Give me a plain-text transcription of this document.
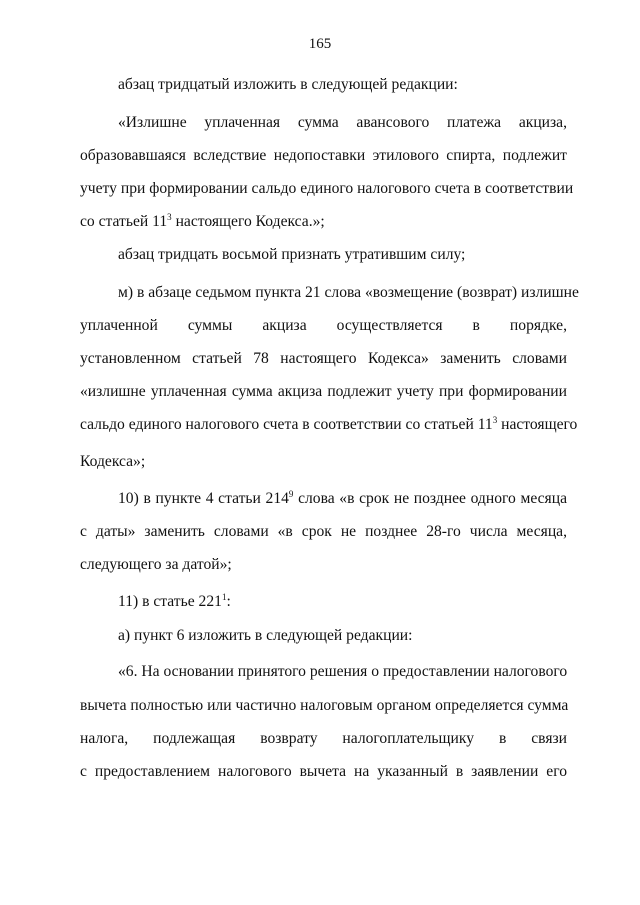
165
абзац тридцатый изложить в следующей редакции:
«Излишне уплаченная сумма авансового платежа акциза,
образовавшаяся вследствие недопоставки этилового спирта, подлежит
учету при формировании сальдо единого налогового счета в соответствии
со статьей $11^3$ настоящего Кодекса.»;
абзац тридцать восьмой признать утратившим силу;
м) в абзаце седьмом пункта 21 слова «возмещение (возврат) излишне
уплаченной суммы акциза осуществляется в порядке,
установленном статьей 78 настоящего Кодекса» заменить словами
«излишне уплаченная сумма акциза подлежит учету при формировании
сальдо единого налогового счета в соответствии со статьей $11^3$ настоящего
Кодекса»;
10) в пункте 4 статьи $214^9$ слова «в срок не позднее одного месяца
с даты» заменить словами «в срок не позднее 28-го числа месяца,
следующего за датой»;
11) в статье $221^1$:
а) пункт 6 изложить в следующей редакции:
«6. На основании принятого решения о предоставлении налогового
вычета полностью или частично налоговым органом определяется сумма
налога, подлежащая возврату налогоплательщику в связи
с предоставлением налогового вычета на указанный в заявлении его
